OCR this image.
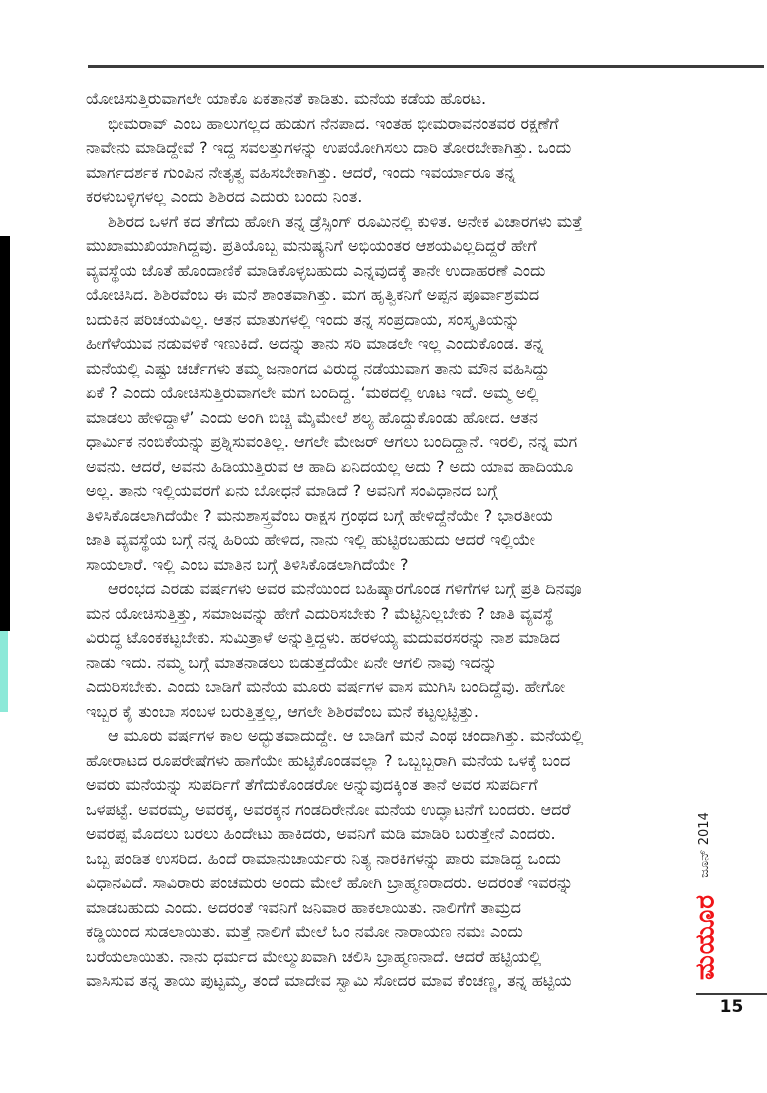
ಯೋಚಿಸುತ್ತಿರುವಾಗಲೇ ಯಾಕೊ ಏಕತಾನತೆ ಕಾಡಿತು. ಮನೆಯ ಕಡೆಯ ಹೊರಟ.
ಭೀಮರಾವ್ ಎಂಬ ಹಾಲುಗಲ್ಲದ ಹುಡುಗ ನೆನಪಾದ. ಇಂತಹ ಭೀಮರಾವನಂತವರ ರಕ್ಷಣೆಗೆ
ನಾವೇನು ಮಾಡಿದ್ದೇವೆ ? ಇದ್ದ ಸವಲತ್ತುಗಳನ್ನು ಉಪಯೋಗಿಸಲು ದಾರಿ ತೋರಬೇಕಾಗಿತ್ತು. ಒಂದು
ಮಾರ್ಗದರ್ಶಕ ಗುಂಪಿನ ನೇತೃತ್ವ ವಹಿಸಬೇಕಾಗಿತ್ತು. ಆದರೆ, ಇಂದು ಇವರ್ಯಾರೂ ತನ್ನ
ಕರಳುಬಳ್ಳಿಗಳಲ್ಲ ಎಂದು ಶಿಶಿರದ ಎದುರು ಬಂದು ನಿಂತ.
ಶಿಶಿರದ ಒಳಗೆ ಕದ ತೆಗೆದು ಹೋಗಿ ತನ್ನ ಡ್ರೆಸ್ಸಿಂಗ್ ರೂಮಿನಲ್ಲಿ ಕುಳಿತ. ಅನೇಕ ವಿಚಾರಗಳು ಮತ್ತೆ
ಮುಖಾಮುಖಿಯಾಗಿದ್ದವು. ಪ್ರತಿಯೊಬ್ಬ ಮನುಷ್ಯನಿಗೆ ಅಭಿಯಂತರ ಆಶಯವಿಲ್ಲದಿದ್ದರೆ ಹೇಗೆ
ವ್ಯವಸ್ಥೆಯ ಜೊತೆ ಹೊಂದಾಣಿಕೆ ಮಾಡಿಕೊಳ್ಳಬಹುದು ಎನ್ನವುದಕ್ಕೆ ತಾನೇ ಉದಾಹರಣೆ ಎಂದು
ಯೋಚಿಸಿದ. ಶಿಶಿರವೆಂಬ ಈ ಮನೆ ಶಾಂತವಾಗಿತ್ತು. ಮಗ ಹೃತ್ವಿಕನಿಗೆ ಅಪ್ಪನ ಪೂರ್ವಾಶ್ರಮದ
ಬದುಕಿನ ಪರಿಚಯವಿಲ್ಲ. ಆತನ ಮಾತುಗಳಲ್ಲಿ ಇಂದು ತನ್ನ ಸಂಪ್ರದಾಯ, ಸಂಸ್ಕೃತಿಯನ್ನು
ಹೀಗೆಳೆಯುವ ನಡುವಳಿಕೆ ಇಣುಕಿದೆ. ಅದನ್ನು ತಾನು ಸರಿ ಮಾಡಲೇ ಇಲ್ಲ ಎಂದುಕೊಂಡ. ತನ್ನ
ಮನೆಯಲ್ಲಿ ಎಷ್ಟು ಚರ್ಚೆಗಳು ತಮ್ಮ ಜನಾಂಗದ ವಿರುದ್ಧ ನಡೆಯುವಾಗ ತಾನು ಮೌನ ವಹಿಸಿದ್ದು
ಏಕೆ ? ಎಂದು ಯೋಚಿಸುತ್ತಿರುವಾಗಲೇ ಮಗ ಬಂದಿದ್ದ. ‘ಮಠದಲ್ಲಿ ಊಟ ಇದೆ. ಅಮ್ಮ ಅಲ್ಲಿ
ಮಾಡಲು ಹೇಳಿದ್ದಾಳೆ’ ಎಂದು ಅಂಗಿ ಬಿಚ್ಚಿ ಮೈಮೇಲೆ ಶಲ್ಯ ಹೊದ್ದುಕೊಂಡು ಹೋದ. ಆತನ
ಧಾರ್ಮಿಕ ನಂಬಿಕೆಯನ್ನು ಪ್ರಶ್ನಿಸುವಂತಿಲ್ಲ. ಆಗಲೇ ಮೇಜರ್ ಆಗಲು ಬಂದಿದ್ದಾನೆ. ಇರಲಿ, ನನ್ನ ಮಗ
ಅವನು. ಆದರೆ, ಅವನು ಹಿಡಿಯುತ್ತಿರುವ ಆ ಹಾದಿ ಏನಿದಯಲ್ಲ ಅದು ? ಅದು ಯಾವ ಹಾದಿಯೂ
ಅಲ್ಲ. ತಾನು ಇಲ್ಲಿಯವರಗೆ ಏನು ಬೋಧನೆ ಮಾಡಿದೆ ? ಅವನಿಗೆ ಸಂವಿಧಾನದ ಬಗ್ಗೆ
ತಿಳಿಸಿಕೊಡಲಾಗಿದೆಯೇ ? ಮನುಶಾಸ್ತ್ರವೆಂಬ ರಾಕ್ಷಸ ಗ್ರಂಥದ ಬಗ್ಗೆ ಹೇಳಿದ್ದೆನೆಯೇ ? ಭಾರತೀಯ
ಜಾತಿ ವ್ಯವಸ್ಥೆಯ ಬಗ್ಗೆ ನನ್ನ ಹಿರಿಯ ಹೇಳಿದ, ನಾನು ಇಲ್ಲಿ ಹುಟ್ಟಿರಬಹುದು ಆದರೆ ಇಲ್ಲಿಯೇ
ಸಾಯಲಾರೆ. ಇಲ್ಲಿ ಎಂಬ ಮಾತಿನ ಬಗ್ಗೆ ತಿಳಿಸಿಕೊಡಲಾಗಿದೆಯೇ ?
ಆರಂಭದ ಎರಡು ವರ್ಷಗಳು ಅವರ ಮನೆಯಿಂದ ಬಹಿಷ್ಕಾರಗೊಂಡ ಗಳಿಗೆಗಳ ಬಗ್ಗೆ ಪ್ರತಿ ದಿನವೂ
ಮನ ಯೋಚಿಸುತ್ತಿತ್ತು, ಸಮಾಜವನ್ನು ಹೇಗೆ ಎದುರಿಸಬೇಕು ? ಮೆಟ್ಟಿನಿಲ್ಲಬೇಕು ? ಜಾತಿ ವ್ಯವಸ್ಥೆ
ವಿರುದ್ಧ ಟೊಂಕಕಟ್ಟಬೇಕು. ಸುಮಿತ್ರಾಳೆ ಅನ್ನುತ್ತಿದ್ದಳು. ಹರಳಯ್ಯ ಮದುವರಸರನ್ನು ನಾಶ ಮಾಡಿದ
ನಾಡು ಇದು. ನಮ್ಮ ಬಗ್ಗೆ ಮಾತನಾಡಲು ಬಿಡುತ್ತದೆಯೇ ಏನೇ ಆಗಲಿ ನಾವು ಇದನ್ನು
ಎದುರಿಸಬೇಕು. ಎಂದು ಬಾಡಿಗೆ ಮನೆಯ ಮೂರು ವರ್ಷಗಳ ವಾಸ ಮುಗಿಸಿ ಬಂದಿದ್ದೆವು. ಹೇಗೋ
ಇಬ್ಬರ ಕೈ ತುಂಬಾ ಸಂಬಳ ಬರುತ್ತಿತ್ತಲ್ಲ, ಆಗಲೇ ಶಿಶಿರವೆಂಬ ಮನೆ ಕಟ್ಟಲ್ಪಟ್ಟಿತ್ತು.
ಆ ಮೂರು ವರ್ಷಗಳ ಕಾಲ ಅದ್ಭುತವಾದುದ್ದೇ. ಆ ಬಾಡಿಗೆ ಮನೆ ಎಂಥ ಚಂದಾಗಿತ್ತು. ಮನೆಯಲ್ಲಿ
ಹೋರಾಟದ ರೂಪರೇಷೆಗಳು ಹಾಗೆಯೇ ಹುಟ್ಟಿಕೊಂಡವಲ್ಲಾ ? ಒಬ್ಬಬ್ಬರಾಗಿ ಮನೆಯ ಒಳಕ್ಕೆ ಬಂದ
ಅವರು ಮನೆಯನ್ನು ಸುಪರ್ದಿಗೆ ತೆಗೆದುಕೊಂಡರೋ ಅನ್ನುವುದಕ್ಕಿಂತ ತಾನೆ ಅವರ ಸುಪರ್ದಿಗೆ
ಒಳಪಟ್ಟೆ. ಅವರಮ್ಮ, ಅವರಕ್ಕ, ಅವರಕ್ಕನ ಗಂಡದಿರೇನೋ ಮನೆಯ ಉದ್ಘಾಟನೆಗೆ ಬಂದರು. ಆದರೆ
ಅವರಪ್ಪ ಮೊದಲು ಬರಲು ಹಿಂದೇಟು ಹಾಕಿದರು, ಅವನಿಗೆ ಮಡಿ ಮಾಡಿರಿ ಬರುತ್ತೇನೆ ಎಂದರು.
ಒಬ್ಬ ಪಂಡಿತ ಉಸರಿದ. ಹಿಂದೆ ರಾಮಾನುಚಾರ್ಯರು ನಿತ್ಯ ನಾರಕಿಗಳನ್ನು ಪಾರು ಮಾಡಿದ್ದ ಒಂದು
ವಿಧಾನವಿದೆ. ಸಾವಿರಾರು ಪಂಚಮರು ಅಂದು ಮೇಲೆ ಹೋಗಿ ಬ್ರಾಹ್ಮಣರಾದರು. ಅದರಂತೆ ಇವರನ್ನು
ಮಾಡಬಹುದು ಎಂದು. ಅದರಂತೆ ಇವನಿಗೆ ಜನಿವಾರ ಹಾಕಲಾಯಿತು. ನಾಲಿಗೆಗೆ ತಾಮ್ರದ
ಕಡ್ಡಿಯಿಂದ ಸುಡಲಾಯಿತು. ಮತ್ತೆ ನಾಲಿಗೆ ಮೇಲೆ ಓಂ ನಮೋ ನಾರಾಯಣ ನಮಃ ಎಂದು
ಬರೆಯಲಾಯಿತು. ನಾನು ಧರ್ಮದ ಮೇಲ್ಮುಖವಾಗಿ ಚಲಿಸಿ ಬ್ರಾಹ್ಮಣನಾದೆ. ಆದರೆ ಹಟ್ಟಿಯಲ್ಲಿ
ವಾಸಿಸುವ ತನ್ನ ತಾಯಿ ಪುಟ್ಟಮ್ಮ, ತಂದೆ ಮಾದೇವ ಸ್ವಾಮಿ ಸೋದರ ಮಾವ ಕೆಂಚಣ್ಣ, ತನ್ನ ಹಟ್ಟಿಯ
ಜೂನ್ 2014
ಮಯೂರ
15
